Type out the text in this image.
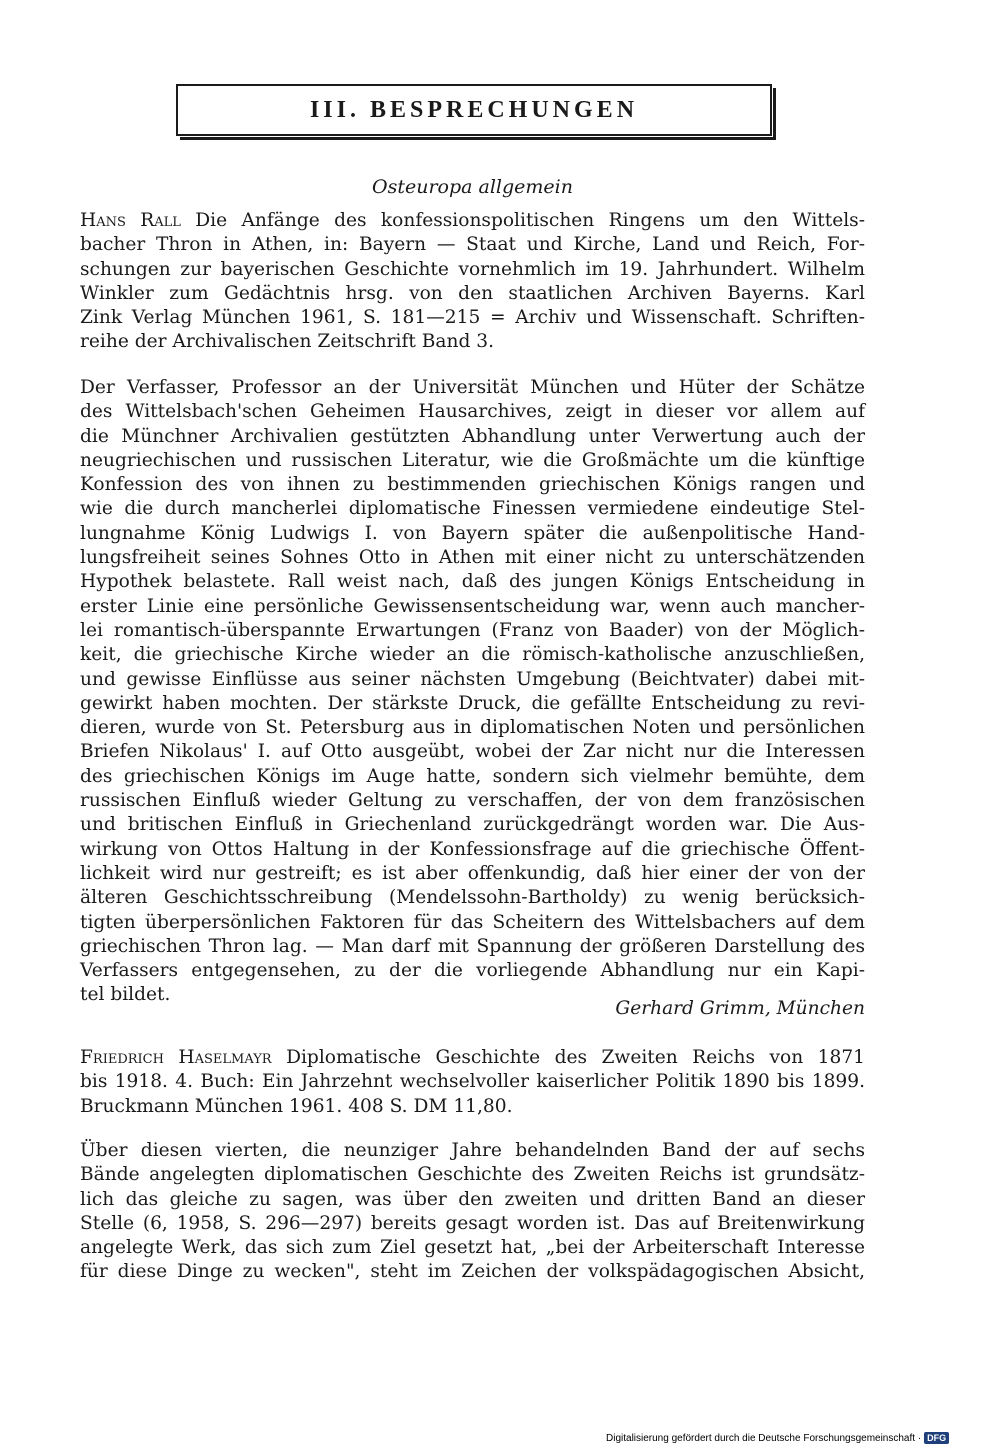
III. BESPRECHUNGEN
Osteuropa allgemein
Hans Rall Die Anfänge des konfessionspolitischen Ringens um den Wittels-
bacher Thron in Athen, in: Bayern — Staat und Kirche, Land und Reich, For-
schungen zur bayerischen Geschichte vornehmlich im 19. Jahrhundert. Wilhelm
Winkler zum Gedächtnis hrsg. von den staatlichen Archiven Bayerns. Karl
Zink Verlag München 1961, S. 181—215 = Archiv und Wissenschaft. Schriften-
reihe der Archivalischen Zeitschrift Band 3.
Der Verfasser, Professor an der Universität München und Hüter der Schätze
des Wittelsbach'schen Geheimen Hausarchives, zeigt in dieser vor allem auf
die Münchner Archivalien gestützten Abhandlung unter Verwertung auch der
neugriechischen und russischen Literatur, wie die Großmächte um die künftige
Konfession des von ihnen zu bestimmenden griechischen Königs rangen und
wie die durch mancherlei diplomatische Finessen vermiedene eindeutige Stel-
lungnahme König Ludwigs I. von Bayern später die außenpolitische Hand-
lungsfreiheit seines Sohnes Otto in Athen mit einer nicht zu unterschätzenden
Hypothek belastete. Rall weist nach, daß des jungen Königs Entscheidung in
erster Linie eine persönliche Gewissensentscheidung war, wenn auch mancher-
lei romantisch-überspannte Erwartungen (Franz von Baader) von der Möglich-
keit, die griechische Kirche wieder an die römisch-katholische anzuschließen,
und gewisse Einflüsse aus seiner nächsten Umgebung (Beichtvater) dabei mit-
gewirkt haben mochten. Der stärkste Druck, die gefällte Entscheidung zu revi-
dieren, wurde von St. Petersburg aus in diplomatischen Noten und persönlichen
Briefen Nikolaus' I. auf Otto ausgeübt, wobei der Zar nicht nur die Interessen
des griechischen Königs im Auge hatte, sondern sich vielmehr bemühte, dem
russischen Einfluß wieder Geltung zu verschaffen, der von dem französischen
und britischen Einfluß in Griechenland zurückgedrängt worden war. Die Aus-
wirkung von Ottos Haltung in der Konfessionsfrage auf die griechische Öffent-
lichkeit wird nur gestreift; es ist aber offenkundig, daß hier einer der von der
älteren Geschichtsschreibung (Mendelssohn-Bartholdy) zu wenig berücksich-
tigten überpersönlichen Faktoren für das Scheitern des Wittelsbachers auf dem
griechischen Thron lag. — Man darf mit Spannung der größeren Darstellung des
Verfassers entgegensehen, zu der die vorliegende Abhandlung nur ein Kapi-
tel bildet.
Gerhard Grimm, München
Friedrich Haselmayr Diplomatische Geschichte des Zweiten Reichs von 1871
bis 1918. 4. Buch: Ein Jahrzehnt wechselvoller kaiserlicher Politik 1890 bis 1899.
Bruckmann München 1961. 408 S. DM 11,80.
Über diesen vierten, die neunziger Jahre behandelnden Band der auf sechs
Bände angelegten diplomatischen Geschichte des Zweiten Reichs ist grundsätz-
lich das gleiche zu sagen, was über den zweiten und dritten Band an dieser
Stelle (6, 1958, S. 296—297) bereits gesagt worden ist. Das auf Breitenwirkung
angelegte Werk, das sich zum Ziel gesetzt hat, „bei der Arbeiterschaft Interesse
für diese Dinge zu wecken", steht im Zeichen der volkspädagogischen Absicht,
Digitalisierung gefördert durch die Deutsche Forschungsgemeinschaft · DFG
